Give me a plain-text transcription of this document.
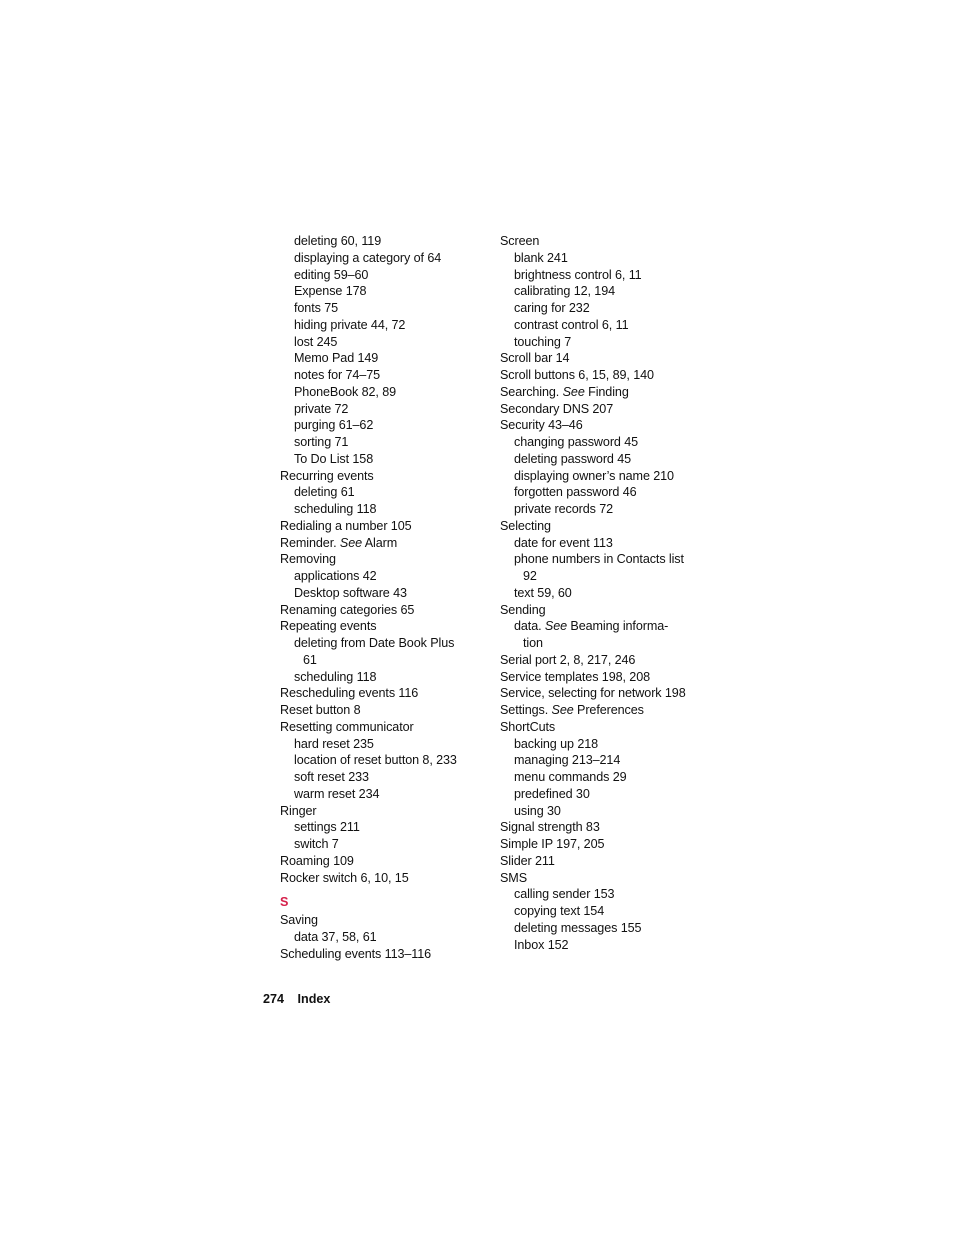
deleting 60, 119
displaying a category of 64
editing 59–60
Expense 178
fonts 75
hiding private 44, 72
lost 245
Memo Pad 149
notes for 74–75
PhoneBook 82, 89
private 72
purging 61–62
sorting 71
To Do List 158
Recurring events
deleting 61
scheduling 118
Redialing a number 105
Reminder. See Alarm
Removing
applications 42
Desktop software 43
Renaming categories 65
Repeating events
deleting from Date Book Plus
61
scheduling 118
Rescheduling events 116
Reset button 8
Resetting communicator
hard reset 235
location of reset button 8, 233
soft reset 233
warm reset 234
Ringer
settings 211
switch 7
Roaming 109
Rocker switch 6, 10, 15
S
Saving
data 37, 58, 61
Scheduling events 113–116
Screen
blank 241
brightness control 6, 11
calibrating 12, 194
caring for 232
contrast control 6, 11
touching 7
Scroll bar 14
Scroll buttons 6, 15, 89, 140
Searching. See Finding
Secondary DNS 207
Security 43–46
changing password 45
deleting password 45
displaying owner’s name 210
forgotten password 46
private records 72
Selecting
date for event 113
phone numbers in Contacts list
92
text 59, 60
Sending
data. See Beaming informa-
tion
Serial port 2, 8, 217, 246
Service templates 198, 208
Service, selecting for network 198
Settings. See Preferences
ShortCuts
backing up 218
managing 213–214
menu commands 29
predefined 30
using 30
Signal strength 83
Simple IP 197, 205
Slider 211
SMS
calling sender 153
copying text 154
deleting messages 155
Inbox 152
274 Index
